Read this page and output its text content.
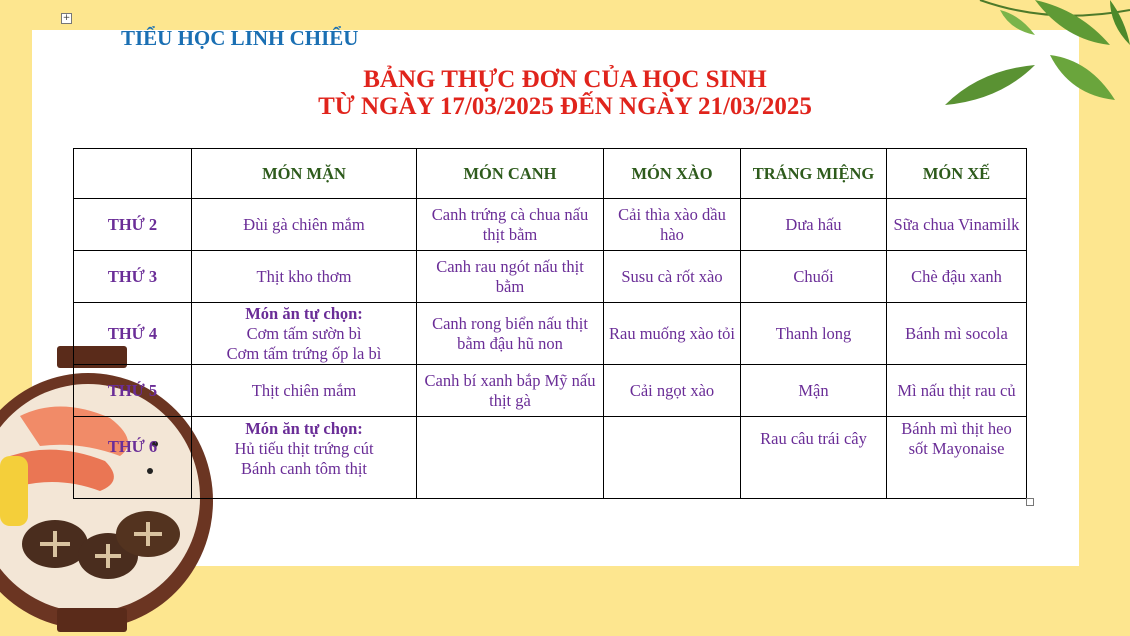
+
TIỂU HỌC LINH CHIỂU
BẢNG THỰC ĐƠN CỦA HỌC SINH
TỪ NGÀY 17/03/2025 ĐẾN NGÀY 21/03/2025
	MÓN MẶN	MÓN CANH	MÓN XÀO	TRÁNG MIỆNG	MÓN XẾ
THỨ 2	Đùi gà chiên mắm	Canh trứng cà chua nấu thịt bằm	Cải thìa xào dầu hào	Dưa hấu	Sữa chua Vinamilk
THỨ 3	Thịt kho thơm	Canh rau ngót nấu thịt bằm	Susu cà rốt xào	Chuối	Chè đậu xanh
THỨ 4	Món ăn tự chọn:
Cơm tấm sườn bì
Cơm tấm trứng ốp la bì	Canh rong biển nấu thịt bằm đậu hũ non	Rau muống xào tỏi	Thanh long	Bánh mì socola
THỨ 5	Thịt chiên mắm	Canh bí xanh bắp Mỹ nấu thịt gà	Cải ngọt xào	Mận	Mì nấu thịt rau củ
THỨ 6	Món ăn tự chọn:
Hủ tiếu thịt trứng cút
Bánh canh tôm thịt			Rau câu trái cây	Bánh mì thịt heo sốt Mayonaise
